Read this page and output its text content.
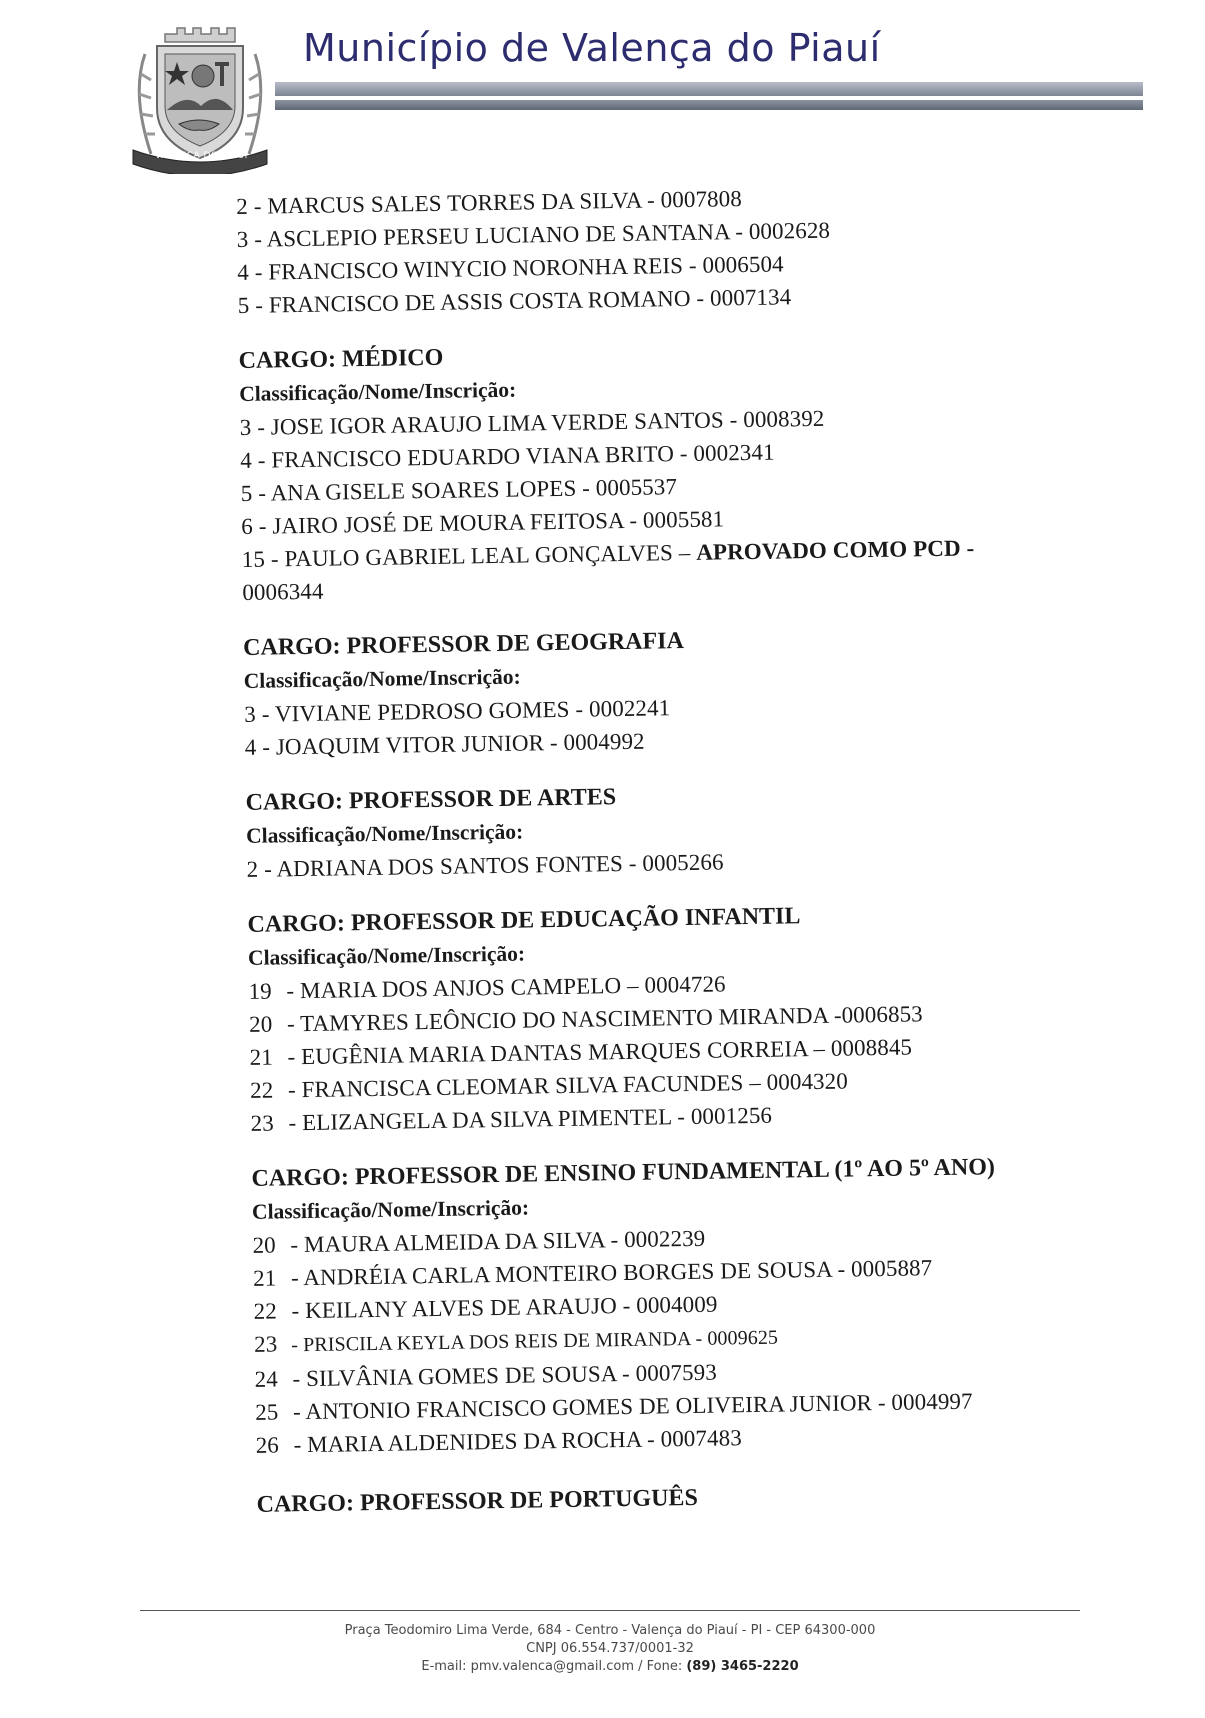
VALENÇA DO PIAUÍ
Município de Valença do Piauí
2 - MARCUS SALES TORRES DA SILVA - 0007808
3 - ASCLEPIO PERSEU LUCIANO DE SANTANA - 0002628
4 - FRANCISCO WINYCIO NORONHA REIS - 0006504
5 - FRANCISCO DE ASSIS COSTA ROMANO - 0007134
CARGO: MÉDICO
Classificação/Nome/Inscrição:
3 - JOSE IGOR ARAUJO LIMA VERDE SANTOS - 0008392
4 - FRANCISCO EDUARDO VIANA BRITO - 0002341
5 - ANA GISELE SOARES LOPES - 0005537
6 - JAIRO JOSÉ DE MOURA FEITOSA - 0005581
15 - PAULO GABRIEL LEAL GONÇALVES – APROVADO COMO PCD -
0006344
CARGO: PROFESSOR DE GEOGRAFIA
Classificação/Nome/Inscrição:
3 - VIVIANE PEDROSO GOMES - 0002241
4 - JOAQUIM VITOR JUNIOR - 0004992
CARGO: PROFESSOR DE ARTES
Classificação/Nome/Inscrição:
2 - ADRIANA DOS SANTOS FONTES - 0005266
CARGO: PROFESSOR DE EDUCAÇÃO INFANTIL
Classificação/Nome/Inscrição:
19 - MARIA DOS ANJOS CAMPELO – 0004726
20 - TAMYRES LEÔNCIO DO NASCIMENTO MIRANDA -0006853
21 - EUGÊNIA MARIA DANTAS MARQUES CORREIA – 0008845
22 - FRANCISCA CLEOMAR SILVA FACUNDES – 0004320
23 - ELIZANGELA DA SILVA PIMENTEL - 0001256
CARGO: PROFESSOR DE ENSINO FUNDAMENTAL (1º AO 5º ANO)
Classificação/Nome/Inscrição:
20 - MAURA ALMEIDA DA SILVA - 0002239
21 - ANDRÉIA CARLA MONTEIRO BORGES DE SOUSA - 0005887
22 - KEILANY ALVES DE ARAUJO - 0004009
23 - PRISCILA KEYLA DOS REIS DE MIRANDA - 0009625
24 - SILVÂNIA GOMES DE SOUSA - 0007593
25 - ANTONIO FRANCISCO GOMES DE OLIVEIRA JUNIOR - 0004997
26 - MARIA ALDENIDES DA ROCHA - 0007483
CARGO: PROFESSOR DE PORTUGUÊS
Praça Teodomiro Lima Verde, 684 - Centro - Valença do Piauí - PI - CEP 64300-000
CNPJ 06.554.737/0001-32
E-mail: pmv.valenca@gmail.com / Fone: (89) 3465-2220
